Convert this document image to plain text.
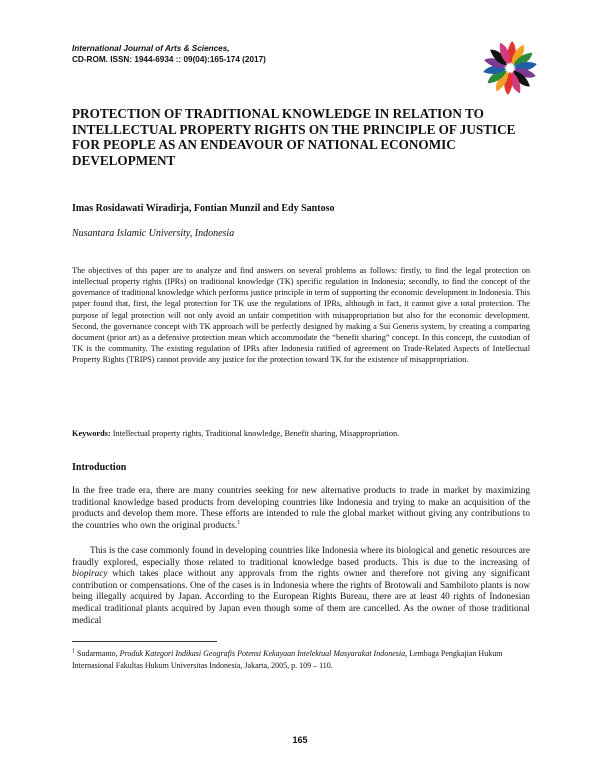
International Journal of Arts & Sciences,
CD-ROM. ISSN: 1944-6934 :: 09(04):165-174 (2017)
PROTECTION OF TRADITIONAL KNOWLEDGE IN RELATION TO INTELLECTUAL PROPERTY RIGHTS ON THE PRINCIPLE OF JUSTICE FOR PEOPLE AS AN ENDEAVOUR OF NATIONAL ECONOMIC DEVELOPMENT
Imas Rosidawati Wiradirja, Fontian Munzil and Edy Santoso
Nusantara Islamic University, Indonesia

The objectives of this paper are to analyze and find answers on several problems as follows: firstly, to find the legal protection on intellectual property rights (IPRs) on traditional knowledge (TK) specific regulation in Indonesia; secondly, to find the concept of the governance of traditional knowledge which performs justice principle in term of supporting the economic development in Indonesia. This paper found that, first, the legal protection for TK use the regulations of IPRs, although in fact, it cannot give a total protection. The purpose of legal protection will not only avoid an unfair competition with misappropriation but also for the economic development. Second, the governance concept with TK approach will be perfectly designed by making a Sui Generis system, by creating a comparing document (prior art) as a defensive protection mean which accommodate the “benefit sharing” concept. In this concept, the custodian of TK is the community. The existing regulation of IPRs after Indonesia ratified of agreement on Trade-Related Aspects of Intellectual Property Rights (TRIPS) cannot provide any justice for the protection toward TK for the existence of misappropriation.

Keywords: Intellectual property rights, Traditional knowledge, Benefit sharing, Misappropriation.
Introduction

In the free trade era, there are many countries seeking for new alternative products to trade in market by maximizing traditional knowledge based products from developing countries like Indonesia and trying to make an acquisition of the products and develop them more. These efforts are intended to rule the global market without giving any contributions to the countries who own the original products.$^1$

This is the case commonly found in developing countries like Indonesia where its biological and genetic resources are fraudly explored, especially those related to traditional knowledge based products. This is due to the increasing of biopiracy which takes place without any approvals from the rights owner and therefore not giving any significant contribution or compensations. One of the cases is in Indonesia where the rights of Brotowali and Sambiloto plants is now being illegally acquired by Japan. According to the European Rights Bureau, there are at least 40 rights of Indonesian medical traditional plants acquired by Japan even though some of them are cancelled. As the owner of those traditional medical

$^1$ Sudarmanto, Produk Kategori Indikasi Geografis Potensi Kekayaan Intelektual Masyarakat Indonesia, Lembaga Pengkajian Hukum Internasional Fakultas Hukum Universitas Indonesia, Jakarta, 2005, p. 109 – 110.

165
